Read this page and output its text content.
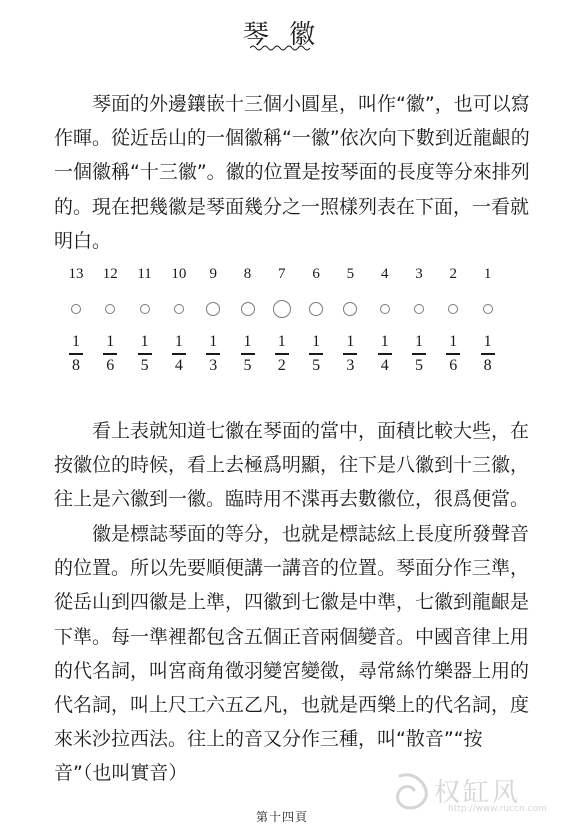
琴 徽

琴面的外邊鑲嵌十三個小圓星，叫作“徽”，也可以寫作暉。從近岳山的一個徽稱“一徽”依次向下數到近龍齦的一個徽稱“十三徽”。徽的位置是按琴面的長度等分來排列的。現在把幾徽是琴面幾分之一照樣列表在下面，一看就明白。

13
1
8
12
1
6
11
1
5
10
1
4
9
1
3
8
1
5
7
1
2
6
1
5
5
1
3
4
1
4
3
1
5
2
1
6
1
1
8

看上表就知道七徽在琴面的當中，面積比較大些，在按徽位的時候，看上去極爲明顯，往下是八徽到十三徽，往上是六徽到一徽。臨時用不渫再去數徽位，很爲便當。

徽是標誌琴面的等分，也就是標誌絃上長度所發聲音的位置。所以先要順便講一講音的位置。琴面分作三準，從岳山到四徽是上準，四徽到七徽是中準，七徽到龍齦是下準。每一準裡都包含五個正音兩個變音。中國音律上用的代名詞，叫宮商角徵羽變宮變徵，尋常絲竹樂器上用的代名詞，叫上尺工六五乙凡，也就是西樂上的代名詞，度來米沙拉西法。往上的音又分作三種，叫“散音”“按音”（也叫實音）

权缸风
http://www.ruccn.com
第十四頁
